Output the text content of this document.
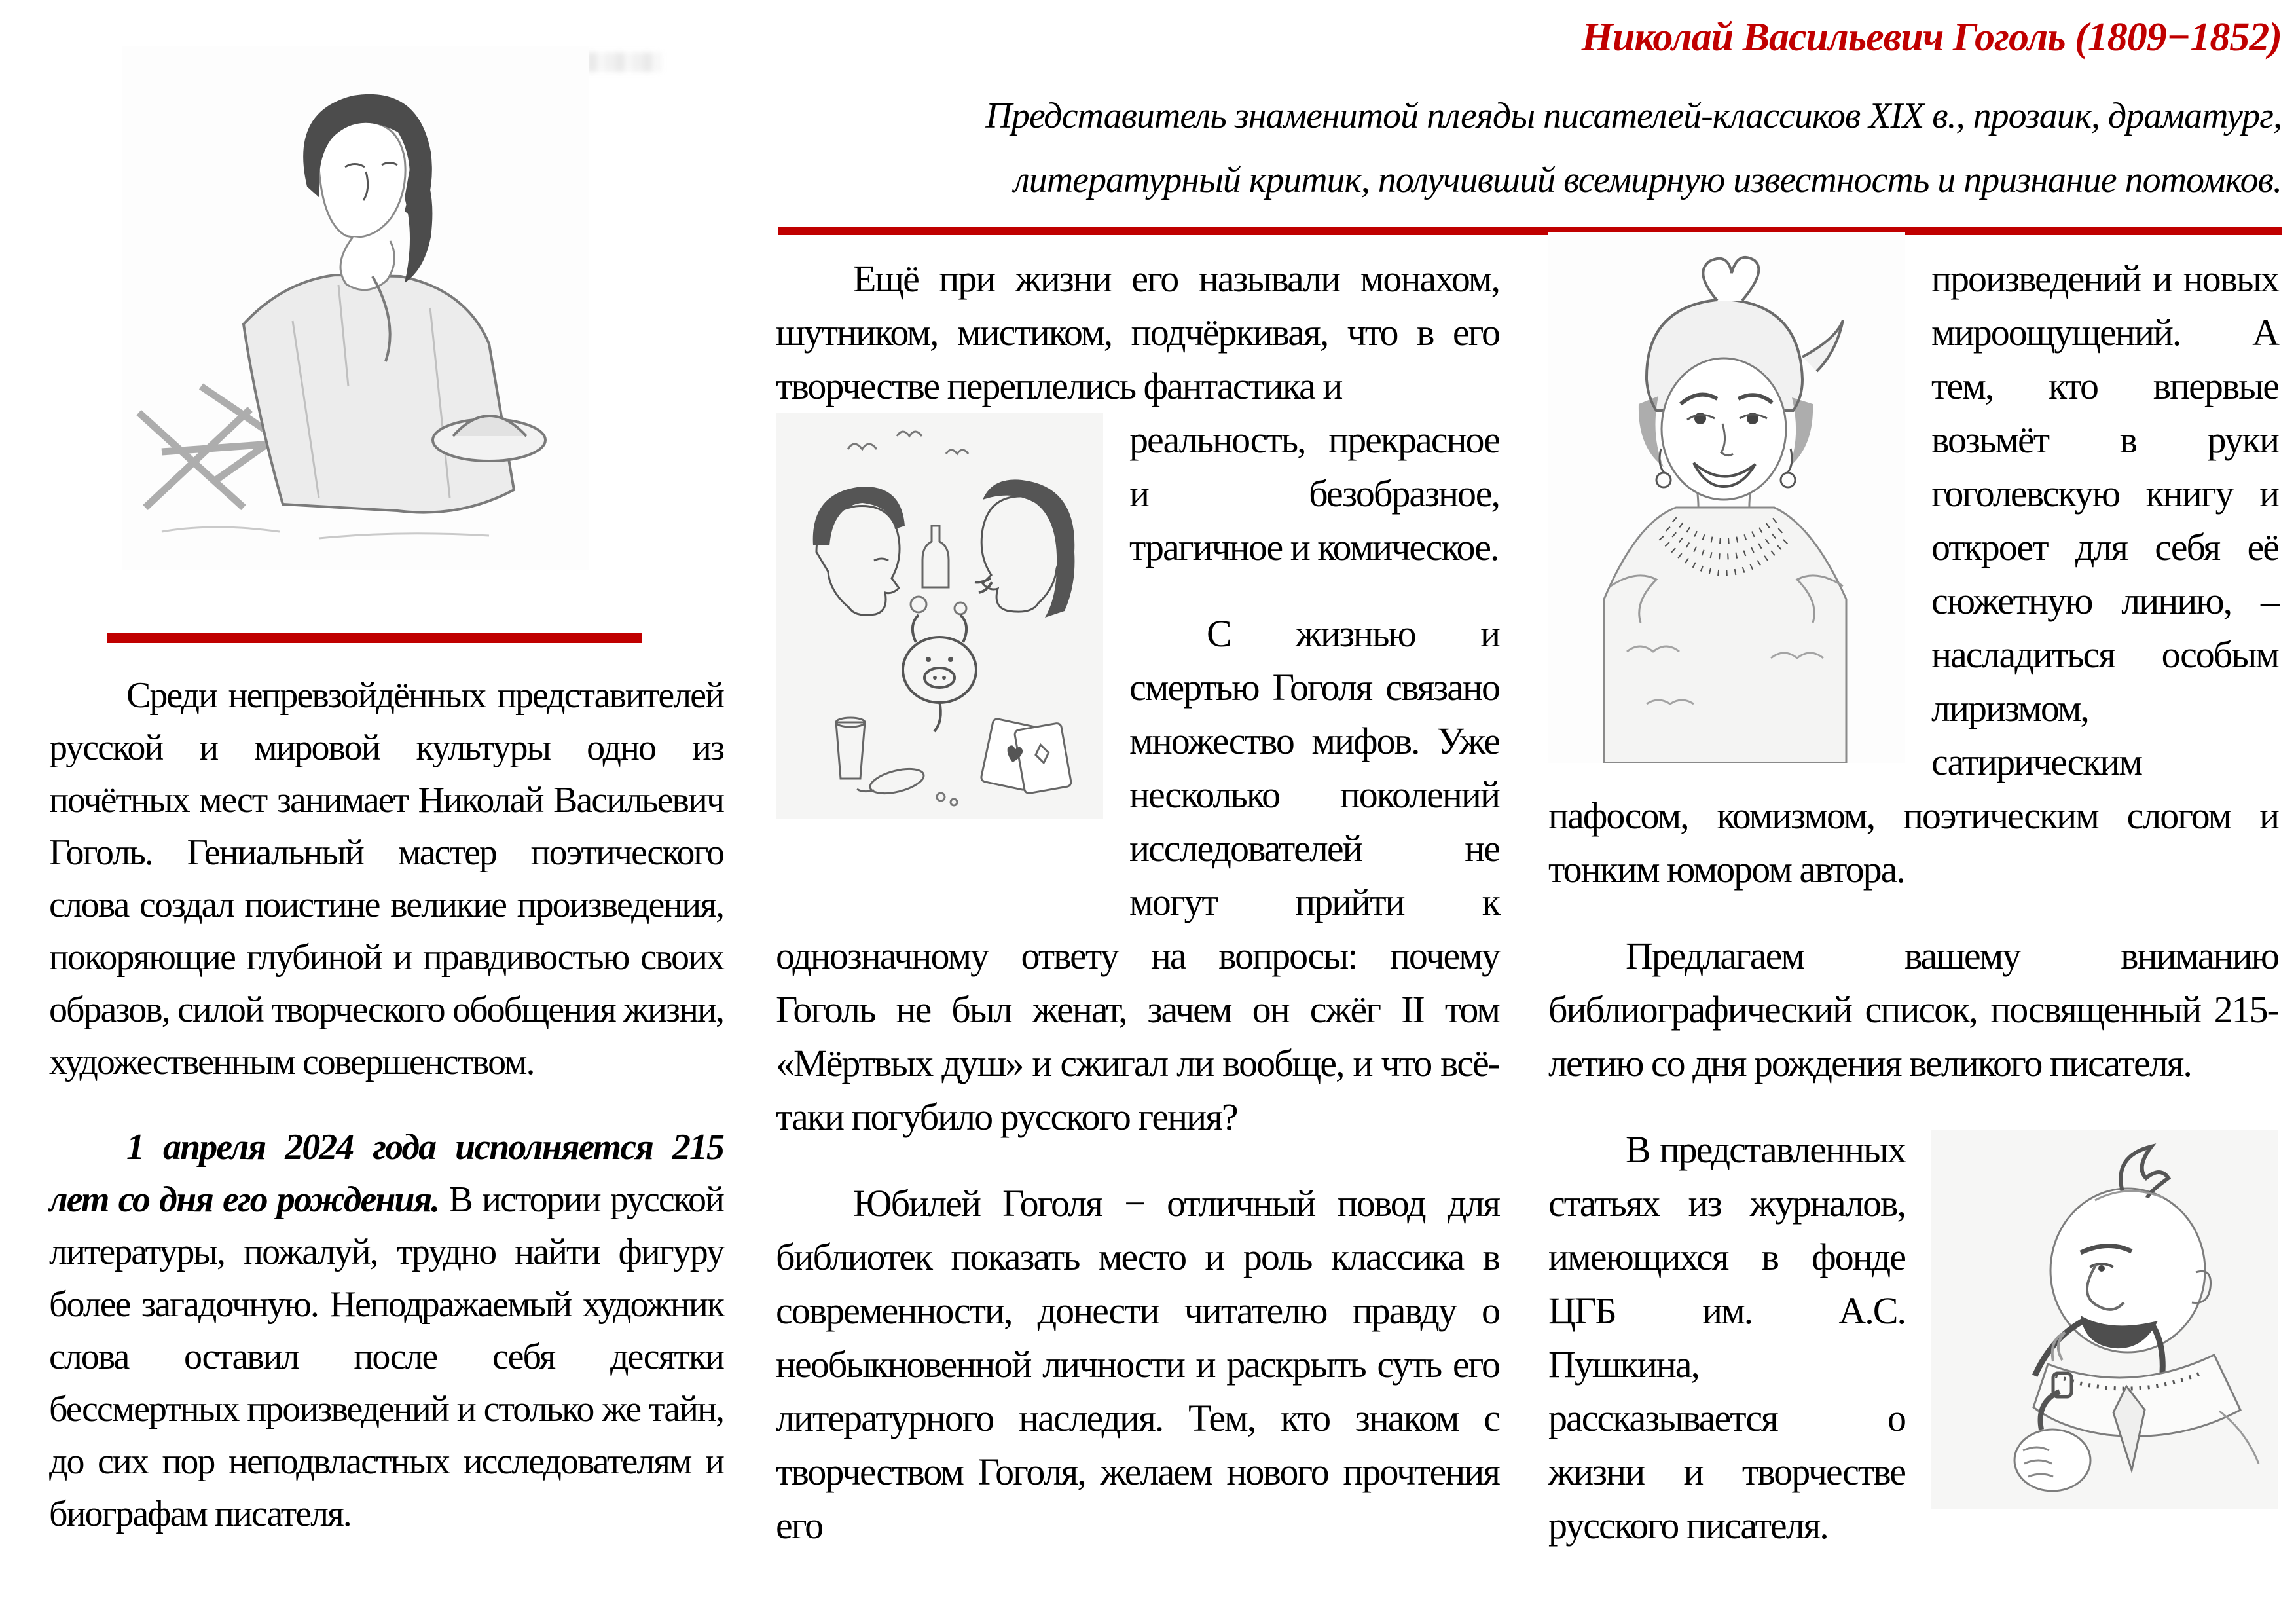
Николай Васильевич Гоголь (1809−1852)
Представитель знаменитой плеяды писателей-классиков XIX в., прозаик, драматург, литературный критик, получивший всемирную известность и признание потомков.

Среди непревзойдённых представителей русской и мировой культуры одно из почётных мест занимает Николай Васильевич Гоголь. Гениальный мастер поэтического слова создал поистине великие произведения, покоряющие глубиной и правдивостью своих образов, силой творческого обобщения жизни, художественным совершенством.

1 апреля 2024 года исполняется 215 лет со дня его рождения. В истории русской литературы, пожалуй, трудно найти фигуру более загадочную. Неподражаемый художник слова оставил после себя десятки бессмертных произведений и столько же тайн, до сих пор неподвластных исследователям и биографам писателя.

Ещё при жизни его называли монахом, шутником, мистиком, подчёркивая, что в его творчестве переплелись фантастика и

реальность, прекрасное и безобразное, трагичное и комическое.

С жизнью и смертью Гоголя связано множество мифов. Уже несколько поколений исследователей не могут прийти к однозначному ответу на вопросы: почему Гоголь не был женат, зачем он сжёг II том «Мёртвых душ» и сжигал ли вообще, и что всё-таки погубило русского гения?

Юбилей Гоголя − отличный повод для библиотек показать место и роль классика в современности, донести читателю правду о необыкновенной личности и раскрыть суть его литературного наследия. Тем, кто знаком с творчеством Гоголя, желаем нового прочтения его

произведений и новых мироощущений. А тем, кто впервые возьмёт в руки гоголевскую книгу и откроет для себя её сюжетную линию, – насладиться особым лиризмом, сатирическим пафосом, комизмом, поэтическим слогом и тонким юмором автора.

Предлагаем вашему вниманию библиографический список, посвященный 215-летию со дня рождения великого писателя.

В представленных статьях из журналов, имеющихся в фонде ЦГБ им. А.С. Пушкина, рассказывается о жизни и творчестве русского писателя.
